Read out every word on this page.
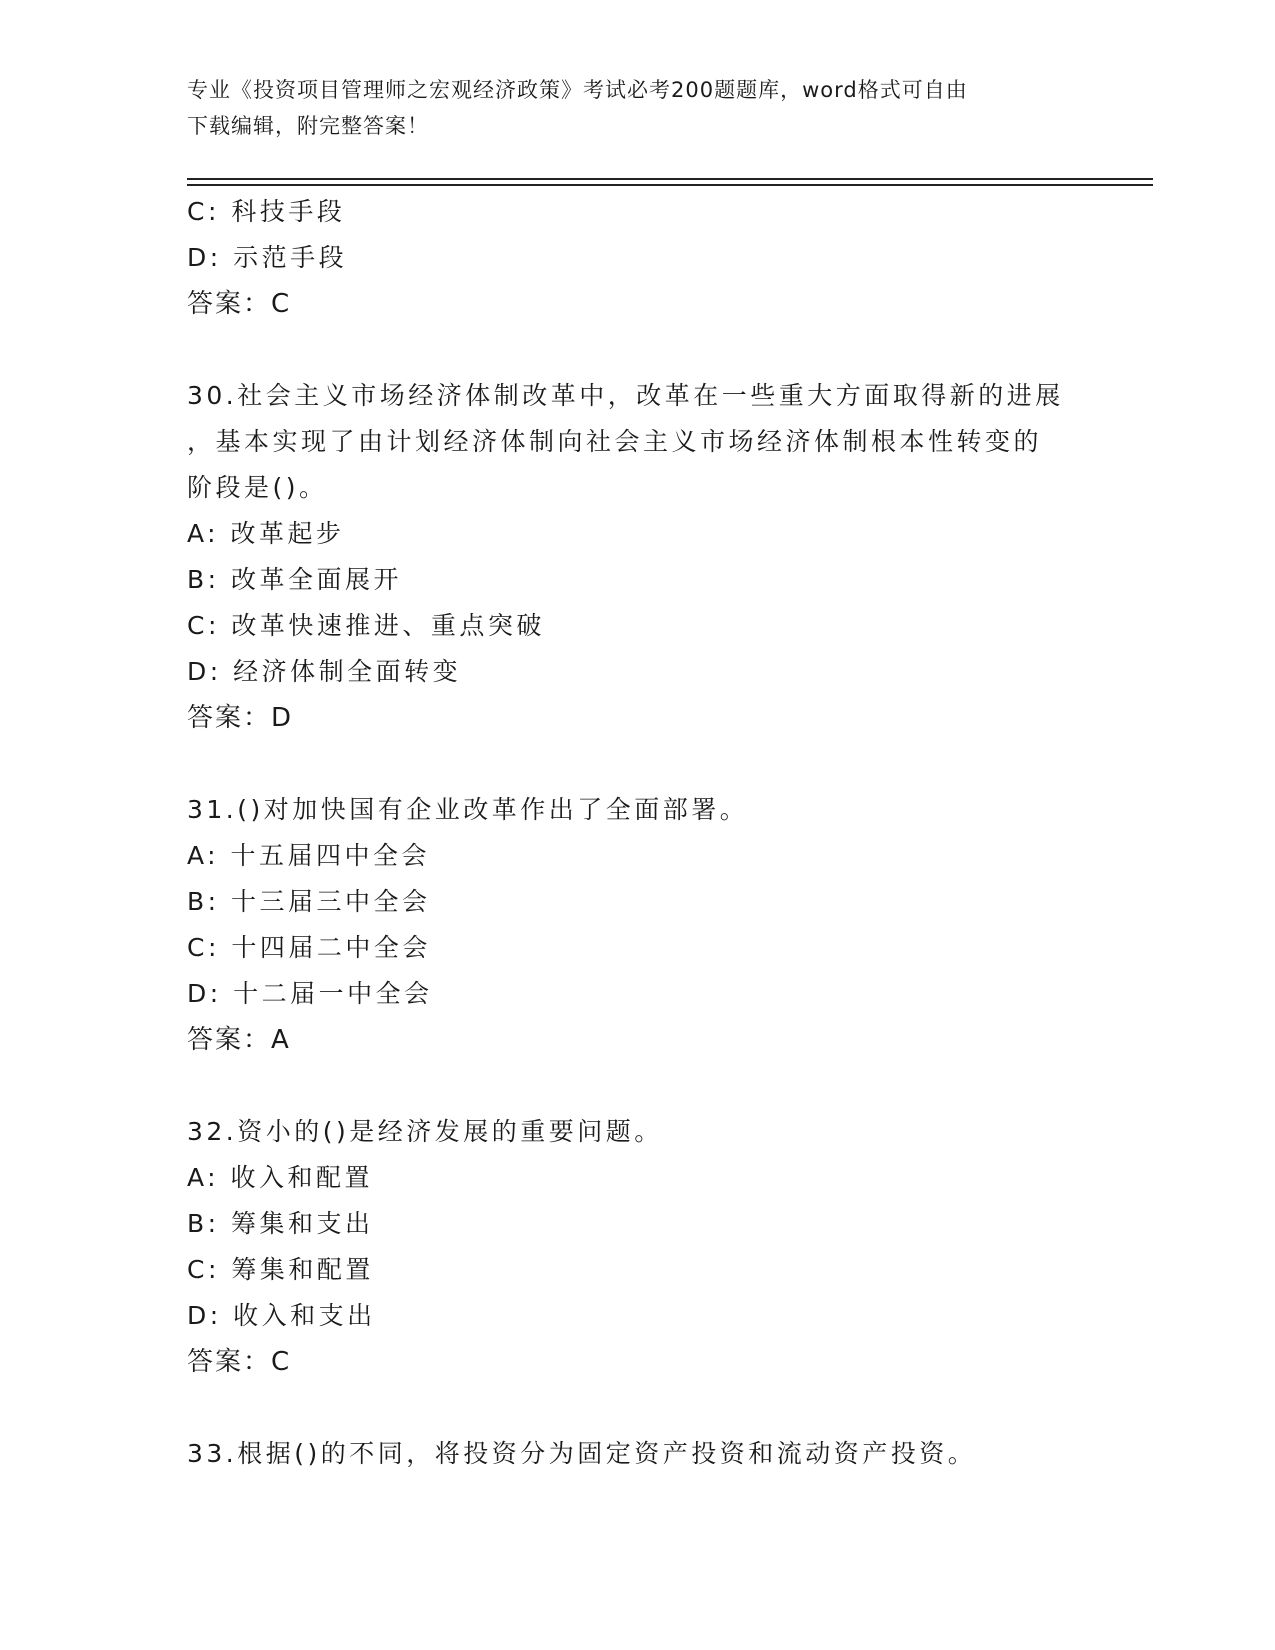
专业《投资项目管理师之宏观经济政策》考试必考200题题库，word格式可自由
下载编辑，附完整答案！
C: 科技手段
D: 示范手段
答案：C
30.社会主义市场经济体制改革中，改革在一些重大方面取得新的进展
，基本实现了由计划经济体制向社会主义市场经济体制根本性转变的
阶段是()。
A: 改革起步
B: 改革全面展开
C: 改革快速推进、重点突破
D: 经济体制全面转变
答案：D
31.()对加快国有企业改革作出了全面部署。
A: 十五届四中全会
B: 十三届三中全会
C: 十四届二中全会
D: 十二届一中全会
答案：A
32.资小的()是经济发展的重要问题。
A: 收入和配置
B: 筹集和支出
C: 筹集和配置
D: 收入和支出
答案：C
33.根据()的不同，将投资分为固定资产投资和流动资产投资。
